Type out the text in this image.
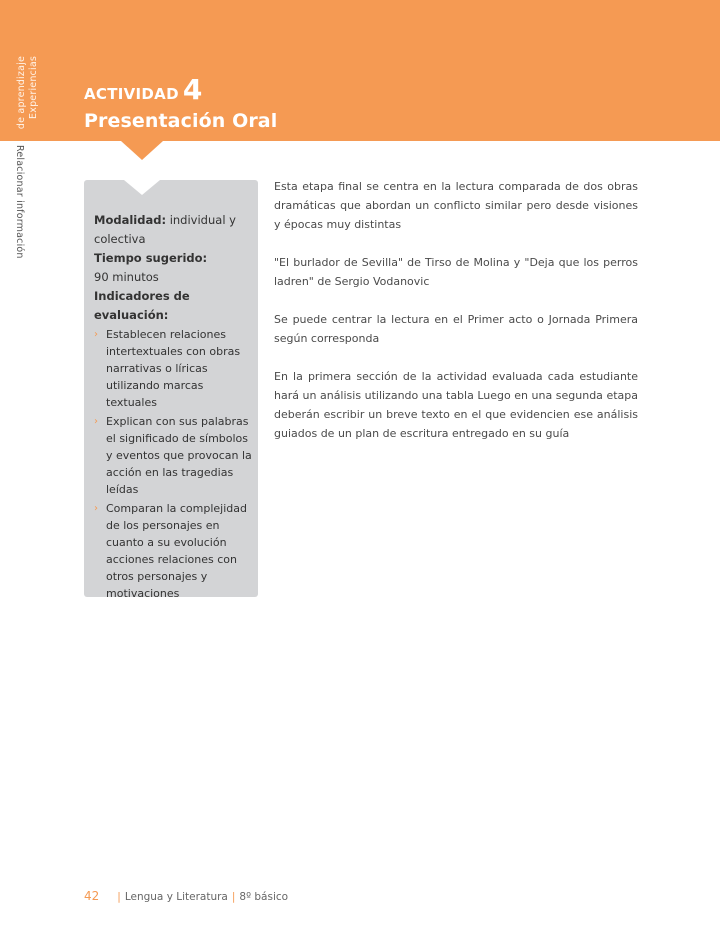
Experiencias
de aprendizaje
Relacionar información
ACTIVIDAD 4
Presentación Oral

Modalidad: individual y colectiva

Tiempo sugerido:

90 minutos

Indicadores de evaluación:

› Establecen relaciones intertextuales con obras narrativas o líricas utilizando marcas textuales
› Explican con sus palabras el significado de símbolos y eventos que provocan la acción en las tragedias leídas
› Comparan la complejidad de los personajes en cuanto a su evolución acciones relaciones con otros personajes y motivaciones

Esta etapa final se centra en la lectura comparada de dos obras dramáticas que abordan un conflicto similar pero desde visiones y épocas muy distintas

"El burlador de Sevilla" de Tirso de Molina y "Deja que los perros ladren" de Sergio Vodanovic

Se puede centrar la lectura en el Primer acto o Jornada Primera según corresponda

En la primera sección de la actividad evaluada cada estudiante hará un análisis utilizando una tabla Luego en una segunda etapa deberán escribir un breve texto en el que evidencien ese análisis guiados de un plan de escritura entregado en su guía

42 | Lengua y Literatura | 8º básico
